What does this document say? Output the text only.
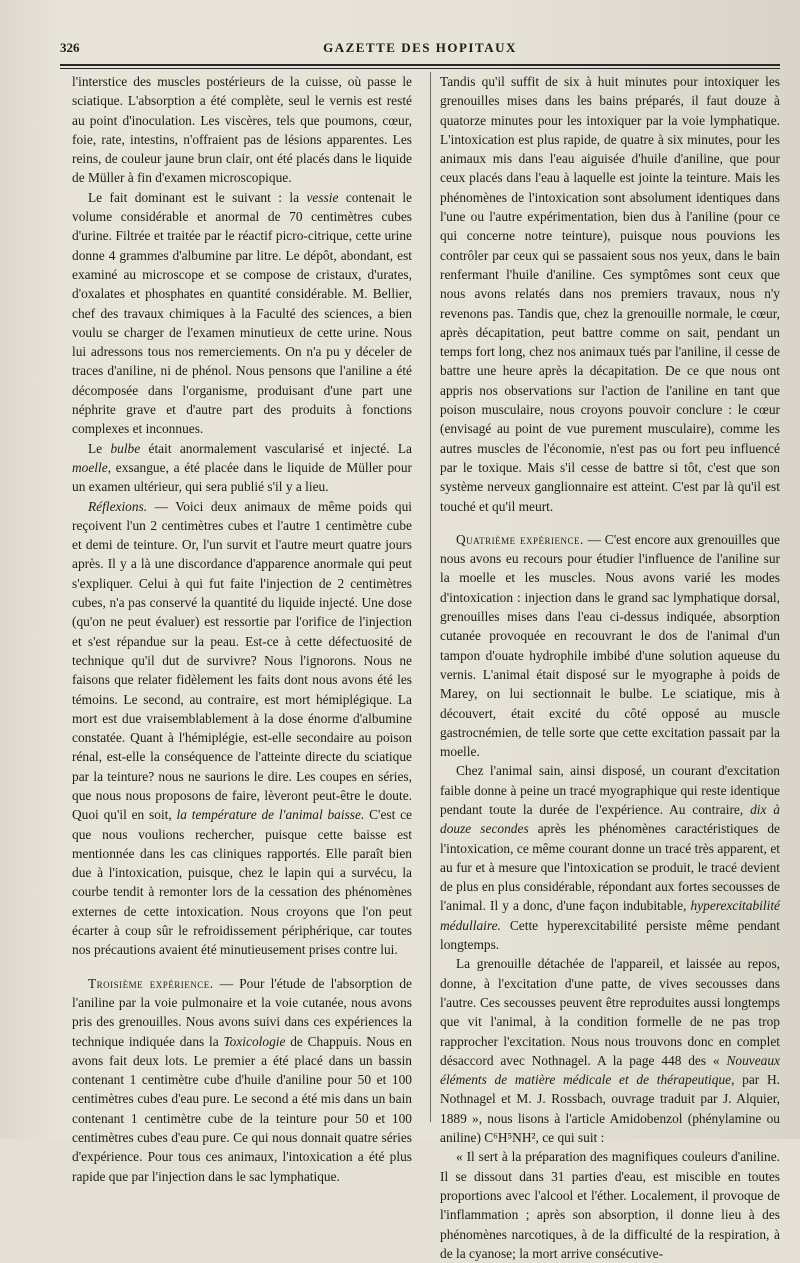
326	GAZETTE DES HOPITAUX

l'interstice des muscles postérieurs de la cuisse, où passe le sciatique. L'absorption a été complète, seul le vernis est resté au point d'inoculation. Les viscères, tels que poumons, cœur, foie, rate, intestins, n'offraient pas de lésions apparentes. Les reins, de couleur jaune brun clair, ont été placés dans le liquide de Müller à fin d'examen microscopique.

Le fait dominant est le suivant : la vessie contenait le volume considérable et anormal de 70 centimètres cubes d'urine. Filtrée et traitée par le réactif picro-citrique, cette urine donne 4 grammes d'albumine par litre. Le dépôt, abondant, est examiné au microscope et se compose de cristaux, d'urates, d'oxalates et phosphates en quantité considérable. M. Bellier, chef des travaux chimiques à la Faculté des sciences, a bien voulu se charger de l'examen minutieux de cette urine. Nous lui adressons tous nos remerciements. On n'a pu y déceler de traces d'aniline, ni de phénol. Nous pensons que l'aniline a été décomposée dans l'organisme, produisant d'une part une néphrite grave et d'autre part des produits à fonctions complexes et inconnues.

Le bulbe était anormalement vascularisé et injecté. La moelle, exsangue, a été placée dans le liquide de Müller pour un examen ultérieur, qui sera publié s'il y a lieu.

Réflexions. — Voici deux animaux de même poids qui reçoivent l'un 2 centimètres cubes et l'autre 1 centimètre cube et demi de teinture. Or, l'un survit et l'autre meurt quatre jours après. Il y a là une discordance d'apparence anormale qui peut s'expliquer. Celui à qui fut faite l'injection de 2 centimètres cubes, n'a pas conservé la quantité du liquide injecté. Une dose (qu'on ne peut évaluer) est ressortie par l'orifice de l'injection et s'est répandue sur la peau. Est-ce à cette défectuosité de technique qu'il dut de survivre? Nous l'ignorons. Nous ne faisons que relater fidèlement les faits dont nous avons été les témoins. Le second, au contraire, est mort hémiplégique. La mort est due vraisemblablement à la dose énorme d'albumine constatée. Quant à l'hémiplégie, est-elle secondaire au poison rénal, est-elle la conséquence de l'atteinte directe du sciatique par la teinture? nous ne saurions le dire. Les coupes en séries, que nous nous proposons de faire, lèveront peut-être le doute. Quoi qu'il en soit, la température de l'animal baisse. C'est ce que nous voulions rechercher, puisque cette baisse est mentionnée dans les cas cliniques rapportés. Elle paraît bien due à l'intoxication, puisque, chez le lapin qui a survécu, la courbe tendit à remonter lors de la cessation des phénomènes externes de cette intoxication. Nous croyons que l'on peut écarter à coup sûr le refroidissement périphérique, car toutes nos précautions avaient été minutieusement prises contre lui.

Troisième expérience. — Pour l'étude de l'absorption de l'aniline par la voie pulmonaire et la voie cutanée, nous avons pris des grenouilles. Nous avons suivi dans ces expériences la technique indiquée dans la Toxicologie de Chappuis. Nous en avons fait deux lots. Le premier a été placé dans un bassin contenant 1 centimètre cube d'huile d'aniline pour 50 et 100 centimètres cubes d'eau pure. Le second a été mis dans un bain contenant 1 centimètre cube de la teinture pour 50 et 100 centimètres cubes d'eau pure. Ce qui nous donnait quatre séries d'expérience. Pour tous ces animaux, l'intoxication a été plus rapide que par l'injection dans le sac lymphatique.

Tandis qu'il suffit de six à huit minutes pour intoxiquer les grenouilles mises dans les bains préparés, il faut douze à quatorze minutes pour les intoxiquer par la voie lymphatique. L'intoxication est plus rapide, de quatre à six minutes, pour les animaux mis dans l'eau aiguisée d'huile d'aniline, que pour ceux placés dans l'eau à laquelle est jointe la teinture. Mais les phénomènes de l'intoxication sont absolument identiques dans l'une ou l'autre expérimentation, bien dus à l'aniline (pour ce qui concerne notre teinture), puisque nous pouvions les contrôler par ceux qui se passaient sous nos yeux, dans le bain renfermant l'huile d'aniline. Ces symptômes sont ceux que nous avons relatés dans nos premiers travaux, nous n'y revenons pas. Tandis que, chez la grenouille normale, le cœur, après décapitation, peut battre comme on sait, pendant un temps fort long, chez nos animaux tués par l'aniline, il cesse de battre une heure après la décapitation. De ce que nous ont appris nos observations sur l'action de l'aniline en tant que poison musculaire, nous croyons pouvoir conclure : le cœur (envisagé au point de vue purement musculaire), comme les autres muscles de l'économie, n'est pas ou fort peu influencé par le toxique. Mais s'il cesse de battre si tôt, c'est que son système nerveux ganglionnaire est atteint. C'est par là qu'il est touché et qu'il meurt.

Quatrième expérience. — C'est encore aux grenouilles que nous avons eu recours pour étudier l'influence de l'aniline sur la moelle et les muscles. Nous avons varié les modes d'intoxication : injection dans le grand sac lymphatique dorsal, grenouilles mises dans l'eau ci-dessus indiquée, absorption cutanée provoquée en recouvrant le dos de l'animal d'un tampon d'ouate hydrophile imbibé d'une solution aqueuse du vernis. L'animal était disposé sur le myographe à poids de Marey, on lui sectionnait le bulbe. Le sciatique, mis à découvert, était excité du côté opposé au muscle gastrocnémien, de telle sorte que cette excitation passait par la moelle.

Chez l'animal sain, ainsi disposé, un courant d'excitation faible donne à peine un tracé myographique qui reste identique pendant toute la durée de l'expérience. Au contraire, dix à douze secondes après les phénomènes caractéristiques de l'intoxication, ce même courant donne un tracé très apparent, et au fur et à mesure que l'intoxication se produit, le tracé devient de plus en plus considérable, répondant aux fortes secousses de l'animal. Il y a donc, d'une façon indubitable, hyperexcitabilité médullaire. Cette hyperexcitabilité persiste même pendant longtemps.

La grenouille détachée de l'appareil, et laissée au repos, donne, à l'excitation d'une patte, de vives secousses dans l'autre. Ces secousses peuvent être reproduites aussi longtemps que vit l'animal, à la condition formelle de ne pas trop rapprocher l'excitation. Nous nous trouvons donc en complet désaccord avec Nothnagel. A la page 448 des « Nouveaux éléments de matière médicale et de thérapeutique, par H. Nothnagel et M. J. Rossbach, ouvrage traduit par J. Alquier, 1889 », nous lisons à l'article Amidobenzol (phénylamine ou aniline) C⁶H⁵NH², ce qui suit :

« Il sert à la préparation des magnifiques couleurs d'aniline. Il se dissout dans 31 parties d'eau, est miscible en toutes proportions avec l'alcool et l'éther. Localement, il provoque de l'inflammation ; après son absorption, il donne lieu à des phénomènes narcotiques, à de la difficulté de la respiration, à de la cyanose; la mort arrive consécutive-
